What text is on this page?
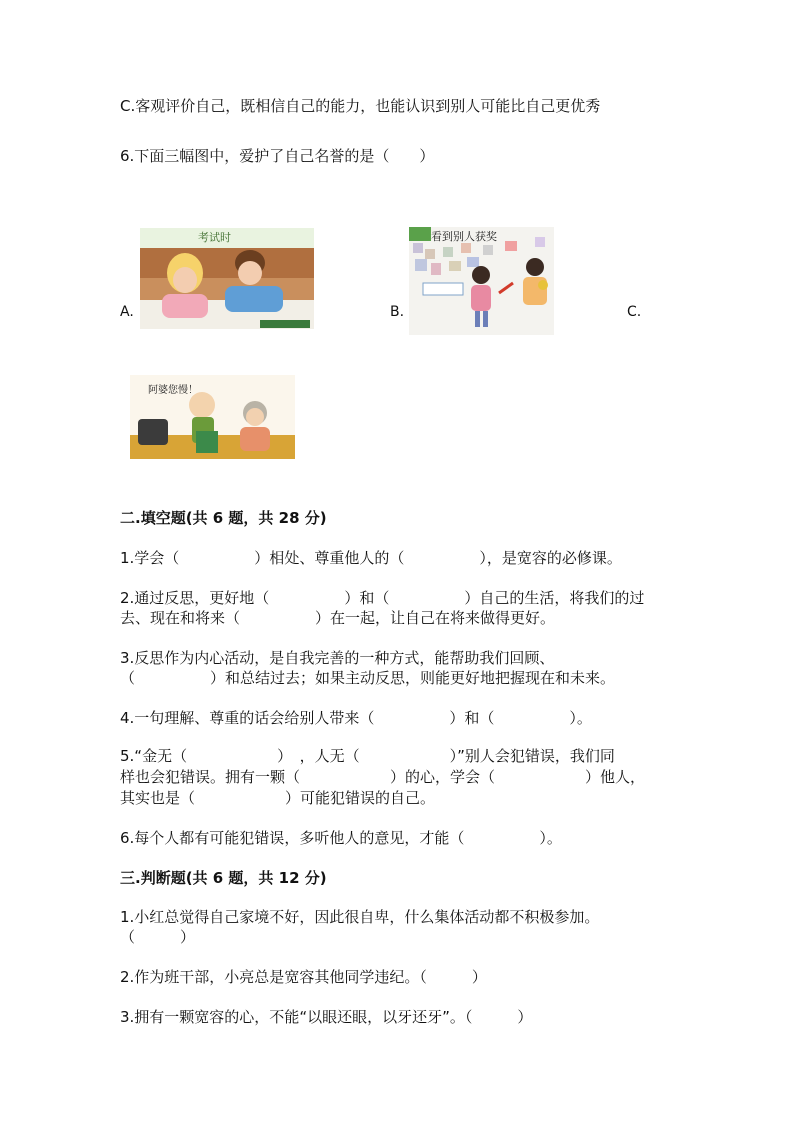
C.客观评价自己，既相信自己的能力，也能认识到别人可能比自己更优秀
6.下面三幅图中，爱护了自己名誉的是（　　）
考试时	看到别人获奖
阿婆您慢！
A.	B.	C.
二.填空题(共 6 题，共 28 分)
1.学会（　　　　　）相处、尊重他人的（　　　　　），是宽容的必修课。
2.通过反思，更好地（　　　　　）和（　　　　　）自己的生活，将我们的过
去、现在和将来（　　　　　）在一起，让自己在将来做得更好。
3.反思作为内心活动，是自我完善的一种方式，能帮助我们回顾、
（　　　　　）和总结过去；如果主动反思，则能更好地把握现在和未来。
4.一句理解、尊重的话会给别人带来（　　　　　）和（　　　　　）。
5.“金无（　　　　　　）　，人无（　　　　　　）”别人会犯错误，我们同
样也会犯错误。拥有一颗（　　　　　　）的心，学会（　　　　　　）他人，
其实也是（　　　　　　）可能犯错误的自己。
6.每个人都有可能犯错误，多听他人的意见，才能（　　　　　）。
三.判断题(共 6 题，共 12 分)
1.小红总觉得自己家境不好，因此很自卑，什么集体活动都不积极参加。
（　　　）
2.作为班干部，小亮总是宽容其他同学违纪。（　　　）
3.拥有一颗宽容的心，不能“以眼还眼，以牙还牙”。（　　　）
